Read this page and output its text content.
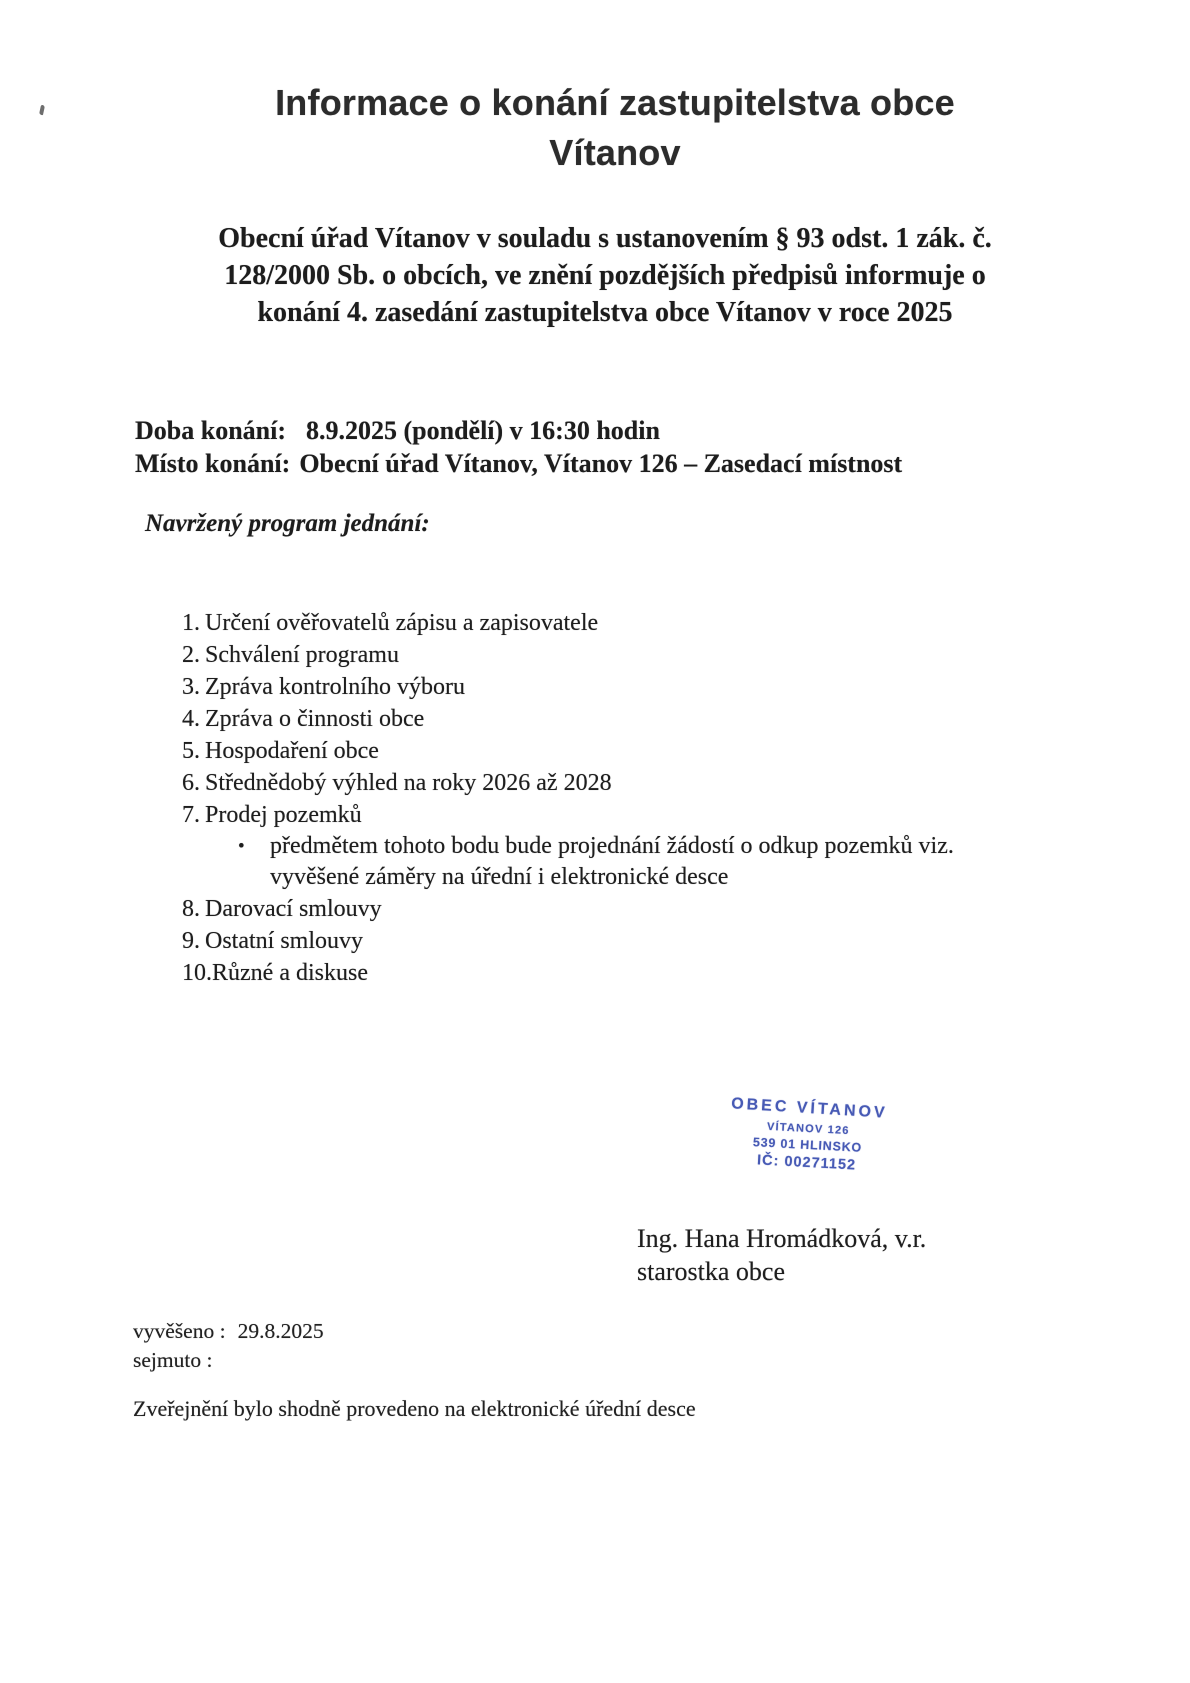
Informace o konání zastupitelstva obce
Vítanov
Obecní úřad Vítanov v souladu s ustanovením § 93 odst. 1 zák. č.
128/2000 Sb. o obcích, ve znění pozdějších předpisů informuje o
konání 4. zasedání zastupitelstva obce Vítanov v roce 2025
Doba konání: 8.9.2025 (pondělí) v 16:30 hodin
Místo konání: Obecní úřad Vítanov, Vítanov 126 – Zasedací místnost
Navržený program jednání:
1. Určení ověřovatelů zápisu a zapisovatele
2. Schválení programu
3. Zpráva kontrolního výboru
4. Zpráva o činnosti obce
5. Hospodaření obce
6. Střednědobý výhled na roky 2026 až 2028
7. Prodej pozemků
•	předmětem tohoto bodu bude projednání žádostí o odkup pozemků viz. vyvěšené záměry na úřední i elektronické desce
8. Darovací smlouvy
9. Ostatní smlouvy
10. Různé a diskuse
OBEC VÍTANOV
VÍTANOV 126
539 01 HLINSKO
IČ: 00271152
Ing. Hana Hromádková, v.r.
starostka obce
vyvěšeno : 29.8.2025
sejmuto :
Zveřejnění bylo shodně provedeno na elektronické úřední desce
